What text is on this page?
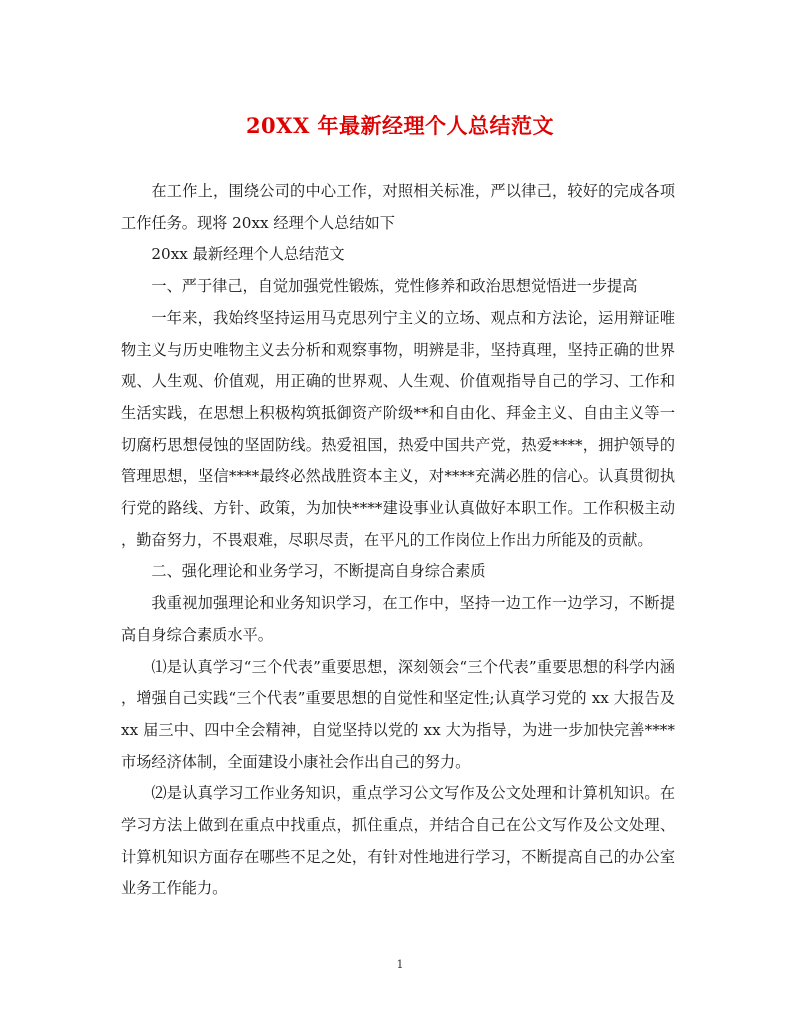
20XX 年最新经理个人总结范文

在工作上，围绕公司的中心工作，对照相关标准，严以律己，较好的完成各项工作任务。现将 20xx 经理个人总结如下

20xx 最新经理个人总结范文

一、严于律己，自觉加强党性锻炼，党性修养和政治思想觉悟进一步提高

一年来，我始终坚持运用马克思列宁主义的立场、观点和方法论，运用辩证唯物主义与历史唯物主义去分析和观察事物，明辨是非，坚持真理，坚持正确的世界观、人生观、价值观，用正确的世界观、人生观、价值观指导自己的学习、工作和生活实践，在思想上积极构筑抵御资产阶级**和自由化、拜金主义、自由主义等一切腐朽思想侵蚀的坚固防线。热爱祖国，热爱中国共产党，热爱****，拥护领导的管理思想，坚信****最终必然战胜资本主义，对****充满必胜的信心。认真贯彻执行党的路线、方针、政策，为加快****建设事业认真做好本职工作。工作积极主动，勤奋努力，不畏艰难，尽职尽责，在平凡的工作岗位上作出力所能及的贡献。

二、强化理论和业务学习，不断提高自身综合素质

我重视加强理论和业务知识学习，在工作中，坚持一边工作一边学习，不断提高自身综合素质水平。

⑴是认真学习“三个代表”重要思想，深刻领会“三个代表”重要思想的科学内涵，增强自己实践“三个代表”重要思想的自觉性和坚定性;认真学习党的 xx 大报告及 xx 届三中、四中全会精神，自觉坚持以党的 xx 大为指导，为进一步加快完善****市场经济体制，全面建设小康社会作出自己的努力。

⑵是认真学习工作业务知识，重点学习公文写作及公文处理和计算机知识。在学习方法上做到在重点中找重点，抓住重点，并结合自己在公文写作及公文处理、计算机知识方面存在哪些不足之处，有针对性地进行学习，不断提高自己的办公室业务工作能力。

1
